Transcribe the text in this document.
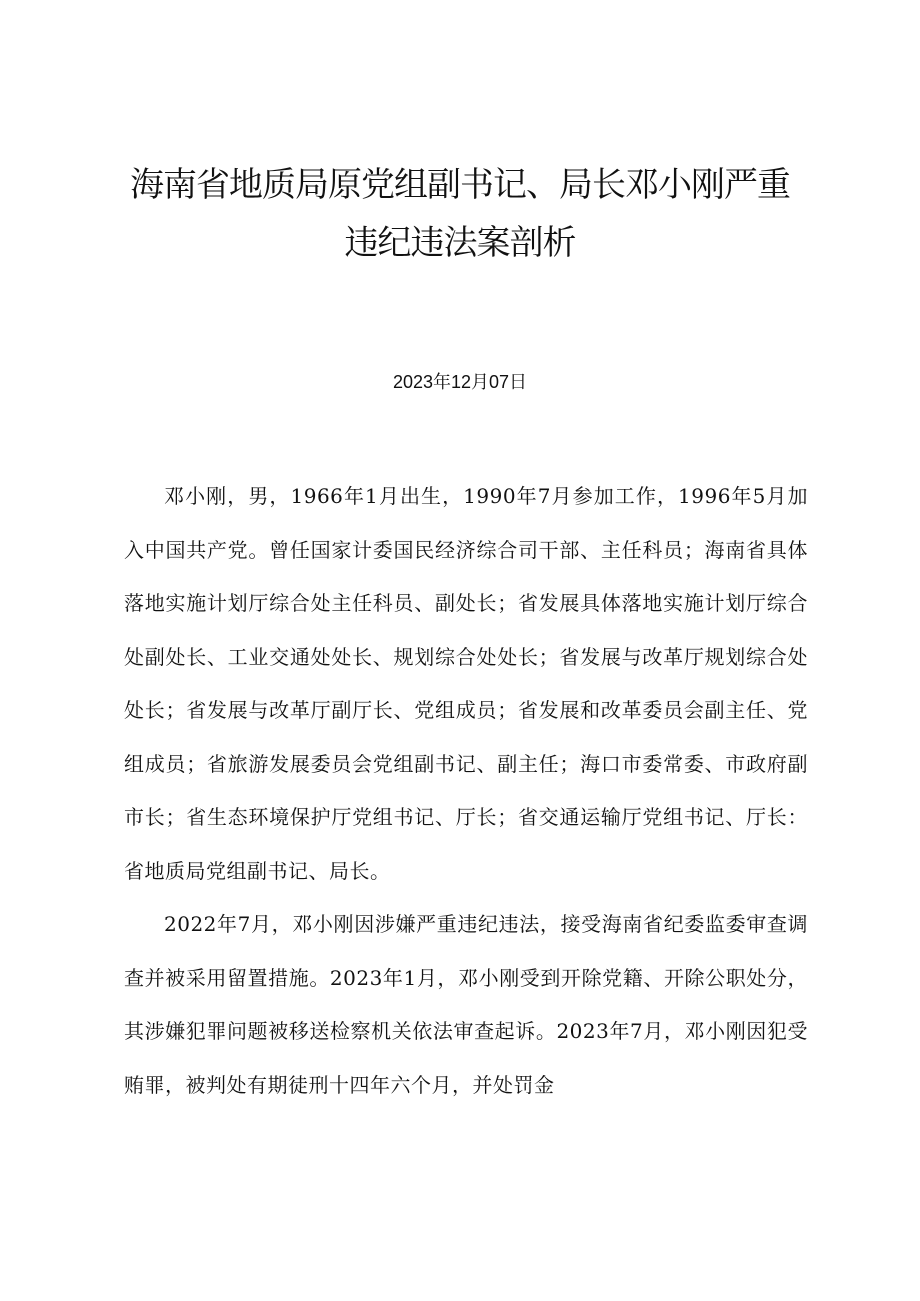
海南省地质局原党组副书记、局长邓小刚严重
违纪违法案剖析
2023年12月07日

邓小刚，男，1966年1月出生，1990年7月参加工作，1996年5月加入中国共产党。曾任国家计委国民经济综合司干部、主任科员；海南省具体落地实施计划厅综合处主任科员、副处长；省发展具体落地实施计划厅综合处副处长、工业交通处处长、规划综合处处长；省发展与改革厅规划综合处处长；省发展与改革厅副厅长、党组成员；省发展和改革委员会副主任、党组成员；省旅游发展委员会党组副书记、副主任；海口市委常委、市政府副市长；省生态环境保护厅党组书记、厅长；省交通运输厅党组书记、厅长：省地质局党组副书记、局长。

2022年7月，邓小刚因涉嫌严重违纪违法，接受海南省纪委监委审查调查并被采用留置措施。2023年1月，邓小刚受到开除党籍、开除公职处分，其涉嫌犯罪问题被移送检察机关依法审查起诉。2023年7月，邓小刚因犯受贿罪，被判处有期徒刑十四年六个月，并处罚金
